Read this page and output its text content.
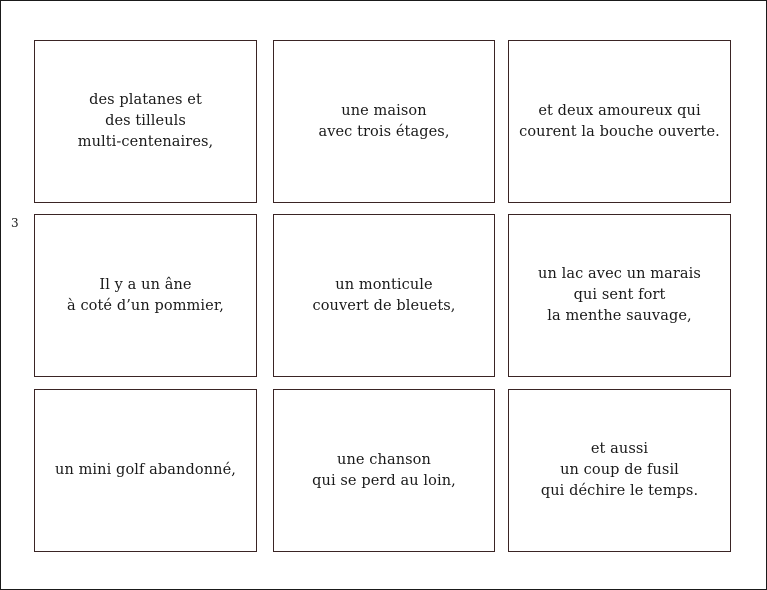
3
des platanes et
des tilleuls
multi-centenaires,
une maison
avec trois étages,
et deux amoureux qui
courent la bouche ouverte.
Il y a un âne
à coté d’un pommier,
un monticule
couvert de bleuets,
un lac avec un marais
qui sent fort
la menthe sauvage,
un mini golf abandonné,
une chanson
qui se perd au loin,
et aussi
un coup de fusil
qui déchire le temps.
